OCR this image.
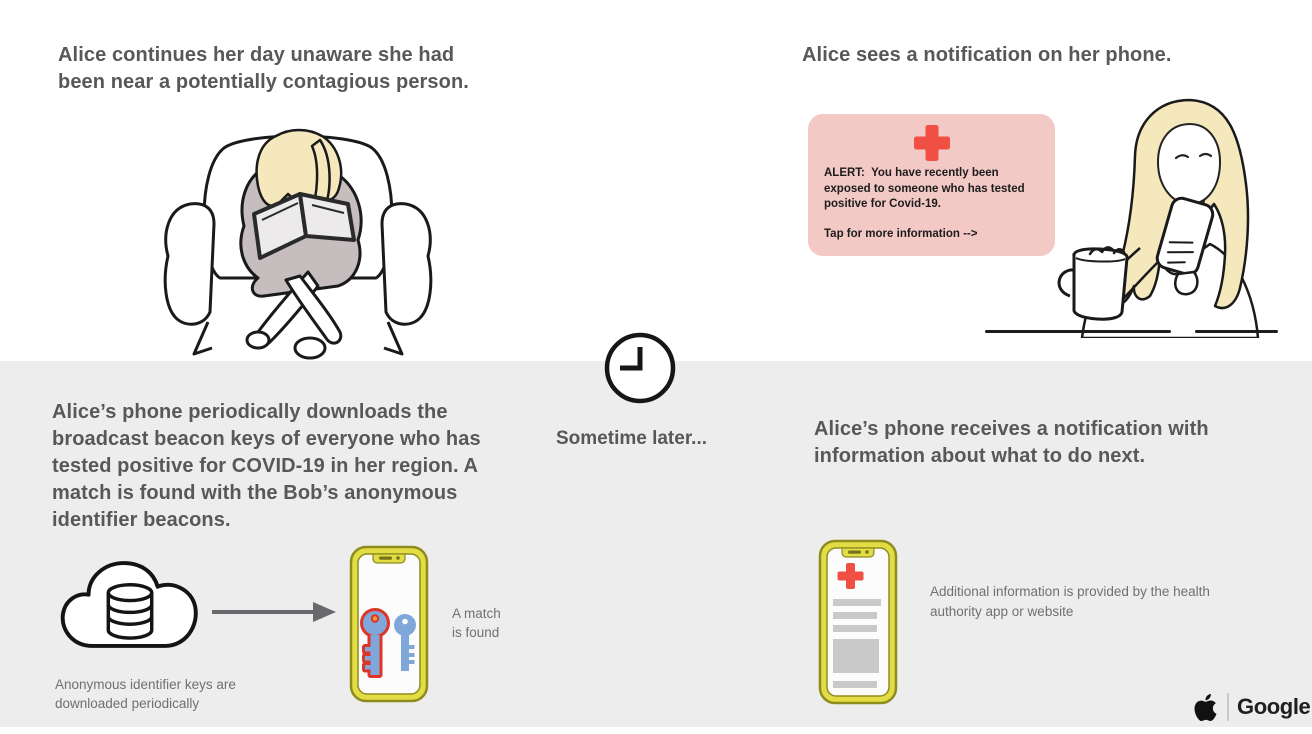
Alice continues her day unaware she had been near a potentially contagious person.
Alice sees a notification on her phone.
ALERT:  You have recently been exposed to someone who has tested positive for Covid-19.
Tap for more information -->
Sometime later...
Alice’s phone periodically downloads the broadcast beacon keys of everyone who has tested positive for COVID-19 in her region. A match is found with the Bob’s anonymous identifier beacons.
Anonymous identifier keys are downloaded periodically
A match is found
Alice’s phone receives a notification with information about what to do next.
Additional information is provided by the health authority app or website
Google
